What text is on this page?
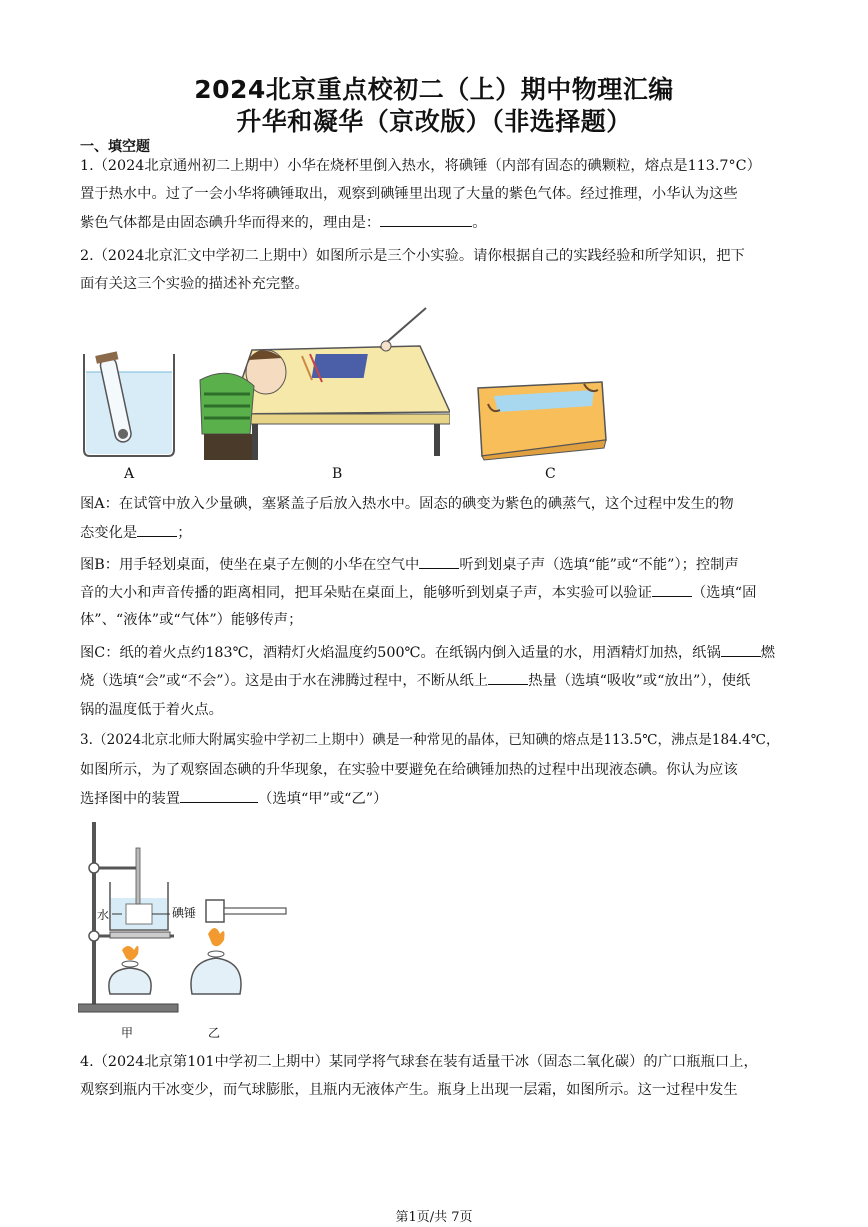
2024北京重点校初二（上）期中物理汇编
升华和凝华（京改版）（非选择题）
一、填空题
1.（2024北京通州初二上期中）小华在烧杯里倒入热水，将碘锤（内部有固态的碘颗粒，熔点是113.7°C）
置于热水中。过了一会小华将碘锤取出，观察到碘锤里出现了大量的紫色气体。经过推理，小华认为这些
紫色气体都是由固态碘升华而得来的，理由是：	。
2.（2024北京汇文中学初二上期中）如图所示是三个小实验。请你根据自己的实践经验和所学知识，把下
面有关这三个实验的描述补充完整。
A	B	C
图A：在试管中放入少量碘，塞紧盖子后放入热水中。固态的碘变为紫色的碘蒸气，这个过程中发生的物
态变化是	；
图B：用手轻划桌面，使坐在桌子左侧的小华在空气中	听到划桌子声（选填“能”或“不能”）；控制声
音的大小和声音传播的距离相同，把耳朵贴在桌面上，能够听到划桌子声，本实验可以验证	（选填“固
体”、“液体”或“气体”）能够传声；
图C：纸的着火点约183℃，酒精灯火焰温度约500℃。在纸锅内倒入适量的水，用酒精灯加热，纸锅	燃
烧（选填“会”或“不会”）。这是由于水在沸腾过程中，不断从纸上	热量（选填“吸收”或“放出”），使纸
锅的温度低于着火点。
3.（2024北京北师大附属实验中学初二上期中）碘是一种常见的晶体，已知碘的熔点是113.5℃，沸点是184.4℃，
如图所示，为了观察固态碘的升华现象，在实验中要避免在给碘锤加热的过程中出现液态碘。你认为应该
选择图中的装置	（选填“甲”或“乙”）
水	碘锤
甲	乙
4.（2024北京第101中学初二上期中）某同学将气球套在装有适量干冰（固态二氧化碳）的广口瓶瓶口上，
观察到瓶内干冰变少，而气球膨胀，且瓶内无液体产生。瓶身上出现一层霜，如图所示。这一过程中发生
第1页/共 7页
